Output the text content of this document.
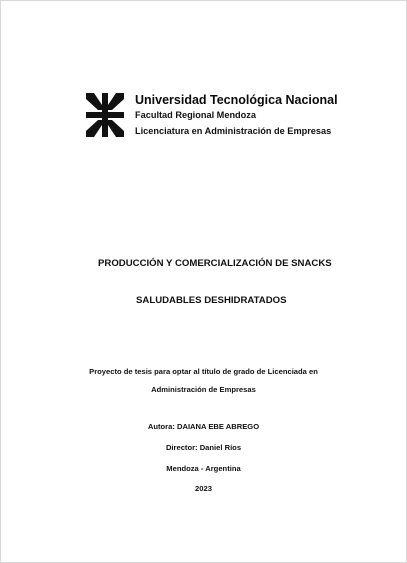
Universidad Tecnológica Nacional
Facultad Regional Mendoza
Licenciatura en Administración de Empresas
PRODUCCIÓN Y COMERCIALIZACIÓN DE SNACKS
SALUDABLES DESHIDRATADOS
Proyecto de tesis para optar al título de grado de Licenciada en
Administración de Empresas
Autora: DAIANA EBE ABREGO
Director: Daniel Ríos
Mendoza - Argentina
2023
